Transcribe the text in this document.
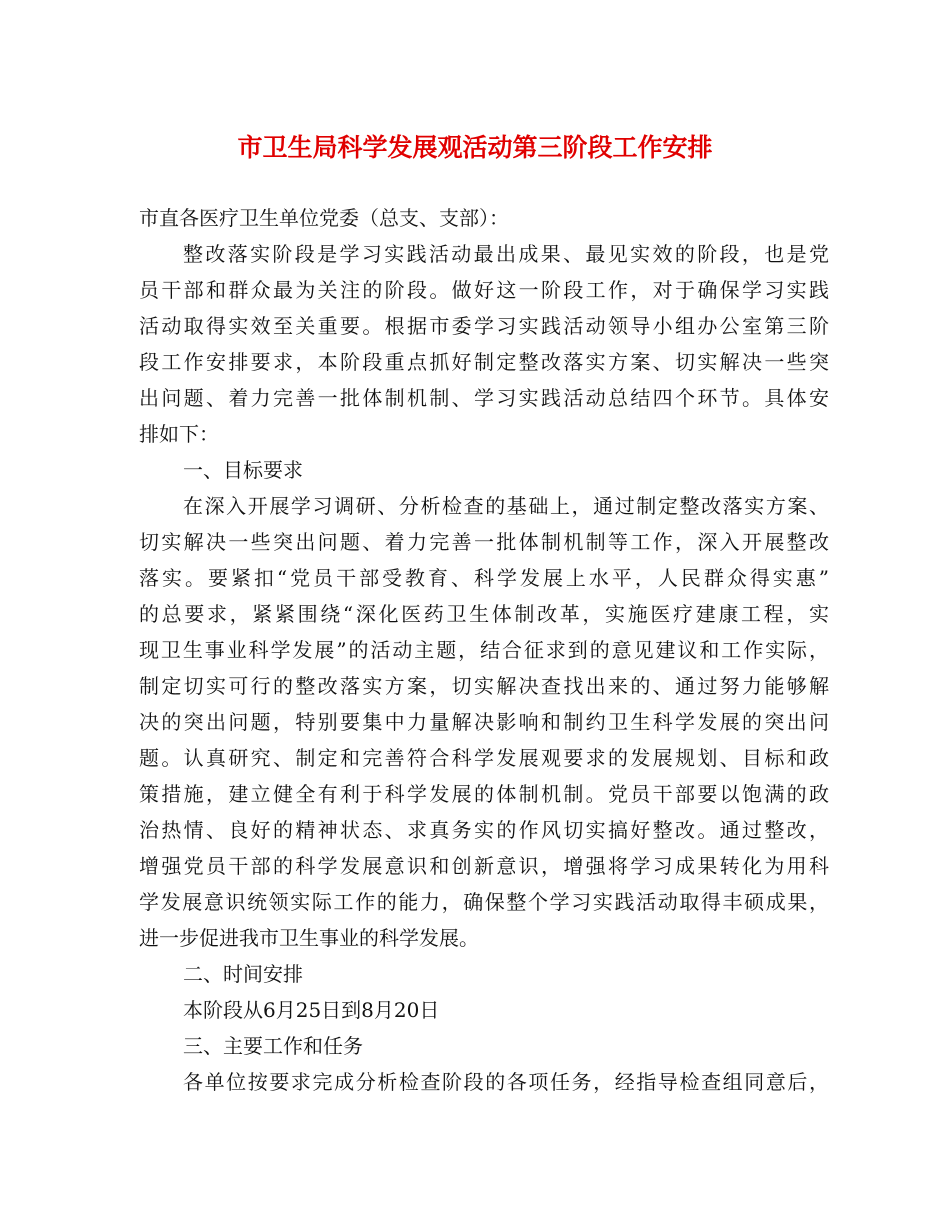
市卫生局科学发展观活动第三阶段工作安排
市直各医疗卫生单位党委（总支、支部）：
整改落实阶段是学习实践活动最出成果、最见实效的阶段，也是党
员干部和群众最为关注的阶段。做好这一阶段工作，对于确保学习实践
活动取得实效至关重要。根据市委学习实践活动领导小组办公室第三阶
段工作安排要求，本阶段重点抓好制定整改落实方案、切实解决一些突
出问题、着力完善一批体制机制、学习实践活动总结四个环节。具体安
排如下：
一、目标要求
在深入开展学习调研、分析检查的基础上，通过制定整改落实方案、
切实解决一些突出问题、着力完善一批体制机制等工作，深入开展整改
落实。要紧扣“党员干部受教育、科学发展上水平，人民群众得实惠”
的总要求，紧紧围绕“深化医药卫生体制改革，实施医疗建康工程，实
现卫生事业科学发展”的活动主题，结合征求到的意见建议和工作实际，
制定切实可行的整改落实方案，切实解决查找出来的、通过努力能够解
决的突出问题，特别要集中力量解决影响和制约卫生科学发展的突出问
题。认真研究、制定和完善符合科学发展观要求的发展规划、目标和政
策措施，建立健全有利于科学发展的体制机制。党员干部要以饱满的政
治热情、良好的精神状态、求真务实的作风切实搞好整改。通过整改，
增强党员干部的科学发展意识和创新意识，增强将学习成果转化为用科
学发展意识统领实际工作的能力，确保整个学习实践活动取得丰硕成果，
进一步促进我市卫生事业的科学发展。
二、时间安排
本阶段从6月25日到8月20日
三、主要工作和任务
各单位按要求完成分析检查阶段的各项任务，经指导检查组同意后，
